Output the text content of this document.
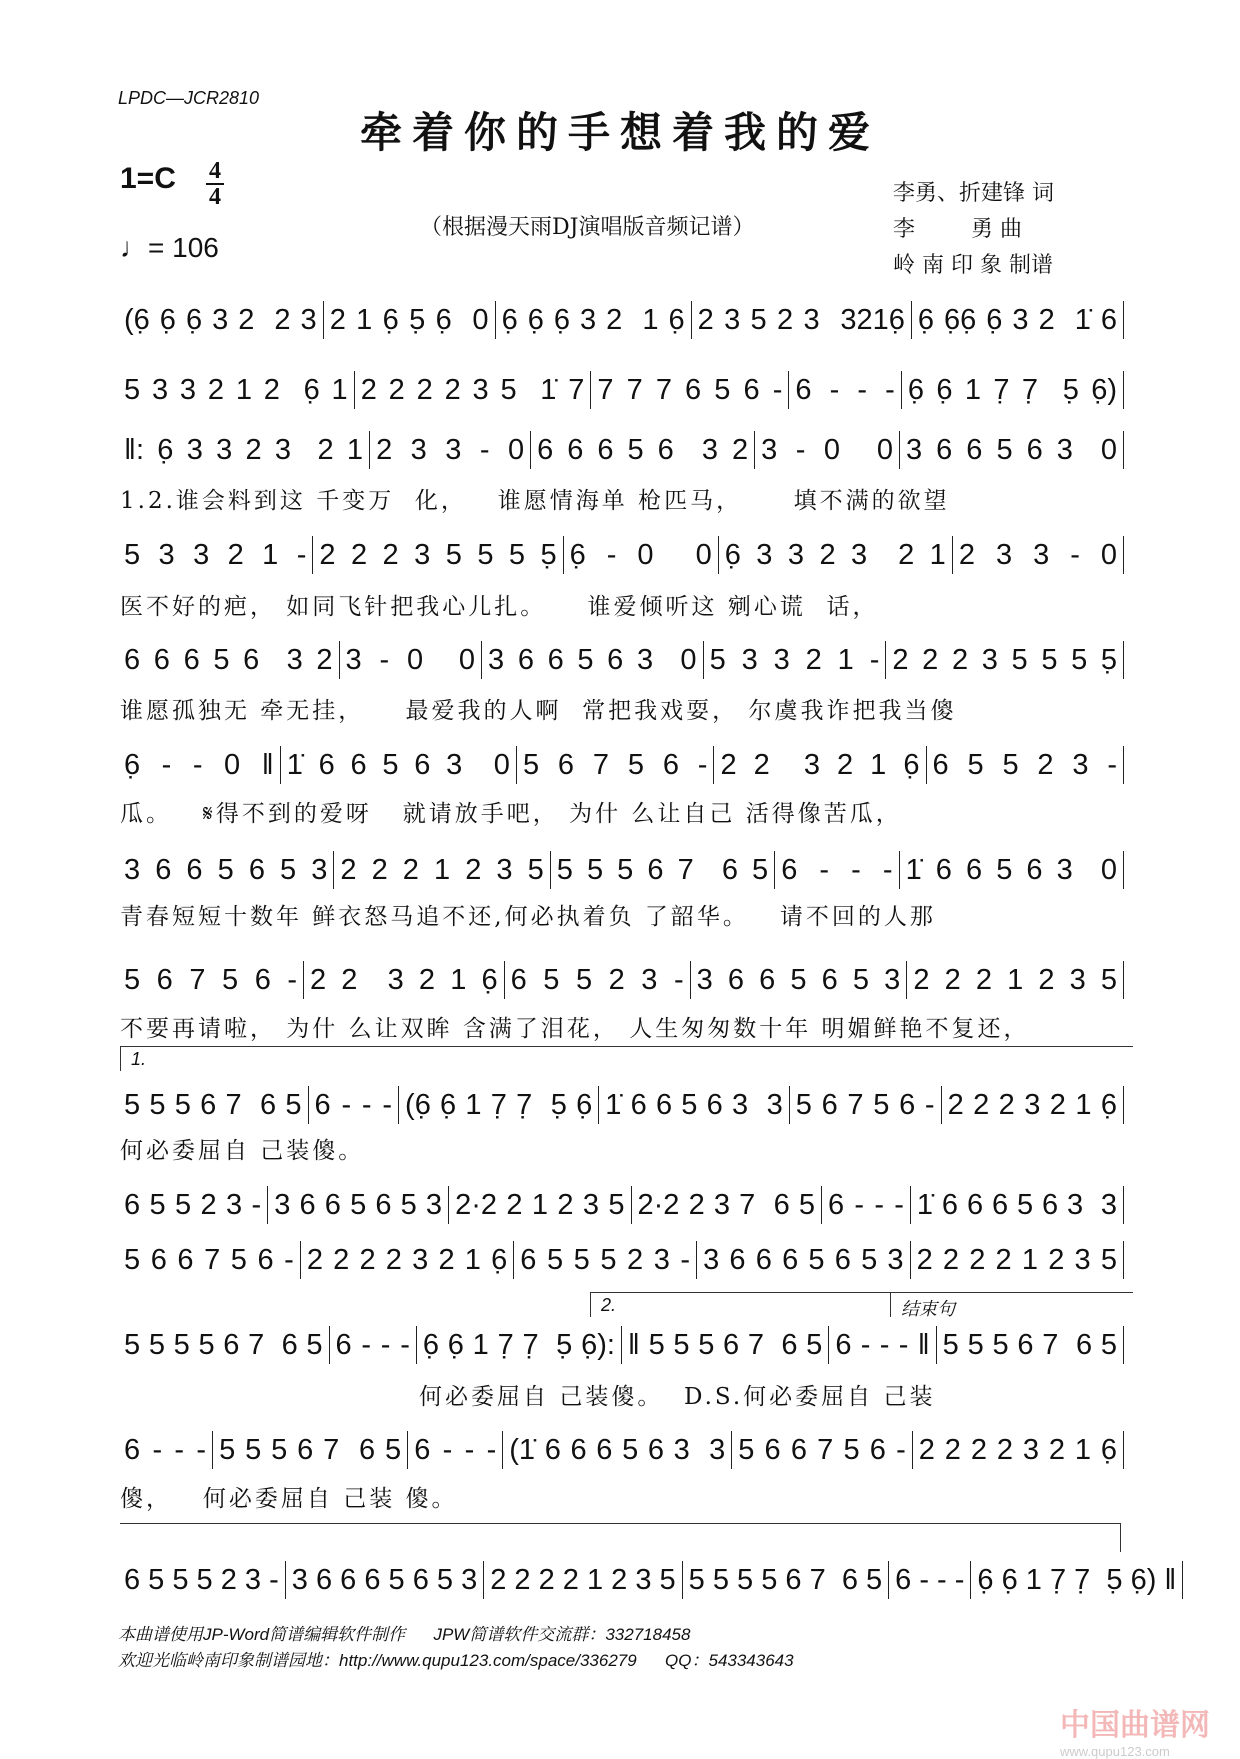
LPDC—JCR2810
牵着你的手想着我的爱
1=C 4
4
♩= 106
（根据漫天雨DJ演唱版音频记谱）
李勇、折建锋 词
李        勇 曲
岭 南 印 象 制谱
(6̣ 6̣ 6̣ 3 2  2 3 2 1 6̣ 5̣ 6̣  0 6̣ 6̣ 6̣ 3 2  1 6̣ 2 3 5 2 3  3216̣ 6̣ 6̣6̣ 6̣ 3 2  1̇ 6
5 3 3 2 1 2  6̣ 1 2 2 2 2 3 5  1̇ 7 7 7 7 6 5 6 - 6 - - - 6̣ 6̣ 1 7̣ 7̣  5̣ 6̣)
‖: 6̣ 3 3 2 3  2 1 2 3 3 - 0 6 6 6 5 6  3 2 3 - 0  0 3 6 6 5 6 3  0
1.2.谁会料到这 千变万  化，   谁愿情海单 枪匹马，     填不满的欲望
5 3 3 2 1 - 2 2 2 3 5 5 5 5̣ 6̣ - 0  0 6̣ 3 3 2 3  2 1 2 3 3 - 0
医不好的疤， 如同飞针把我心儿扎。    谁爱倾听这 剜心谎  话，
6 6 6 5 6  3 2 3 - 0  0 3 6 6 5 6 3  0 5 3 3 2 1 - 2 2 2 3 5 5 5 5̣
谁愿孤独无 牵无挂，    最爱我的人啊  常把我戏耍， 尔虞我诈把我当傻
6̣ - - 0 ‖ 1̇ 6 6 5 6 3  0 5 6 7 5 6 - 2 2  3 2 1 6̣ 6 5 5 2 3 -
瓜。   𝄋得不到的爱呀   就请放手吧， 为什 么让自己 活得像苦瓜，
3 6 6 5 6 5 3 2 2 2 1 2 3 5 5 5 5 6 7  6 5 6 - - - 1̇ 6 6 5 6 3  0
青春短短十数年 鲜衣怒马追不还,何必执着负 了韶华。   请不回的人那
5 6 7 5 6 - 2 2  3 2 1 6̣ 6 5 5 2 3 - 3 6 6 5 6 5 3 2 2 2 1 2 3 5
不要再请啦， 为什 么让双眸 含满了泪花， 人生匆匆数十年 明媚鲜艳不复还，
5 5 5 6 7  6 5 6 - - - (6̣ 6̣ 1 7̣ 7̣  5̣ 6̣ 1̇ 6 6 5 6 3  3 5 6 7 5 6 - 2 2 2 3 2 1 6̣
何必委屈自 己装傻。
6 5 5 2 3 - 3 6 6 5 6 5 3 2·2 2 1 2 3 5 2·2 2 3 7  6 5 6 - - - 1̇ 6 6 6 5 6 3  3
5 6 6 7 5 6 - 2 2 2 2 3 2 1 6̣ 6 5 5 5 2 3 - 3 6 6 6 5 6 5 3 2 2 2 2 1 2 3 5
5 5 5 5 6 7  6 5 6 - - - 6̣ 6̣ 1 7̣ 7̣  5̣ 6̣): ‖ 5 5 5 6 7  6 5 6 - - - ‖ 5 5 5 6 7  6 5
何必委屈自 己装傻。  D.S.何必委屈自 己装
6 - - - 5 5 5 6 7  6 5 6 - - - (1̇ 6 6 6 5 6 3  3 5 6 6 7 5 6 - 2 2 2 2 3 2 1 6̣
傻，   何必委屈自 己装 傻。
6 5 5 5 2 3 - 3 6 6 6 5 6 5 3 2 2 2 2 1 2 3 5 5 5 5 5 6 7  6 5 6 - - - 6̣ 6̣ 1 7̣ 7̣  5̣ 6̣) ‖
1.
2.	结束句
本曲谱使用JP-Word简谱编辑软件制作      JPW简谱软件交流群：332718458
欢迎光临岭南印象制谱园地：http://www.qupu123.com/space/336279      QQ：543343643
中国曲谱网
www.qupu123.com
